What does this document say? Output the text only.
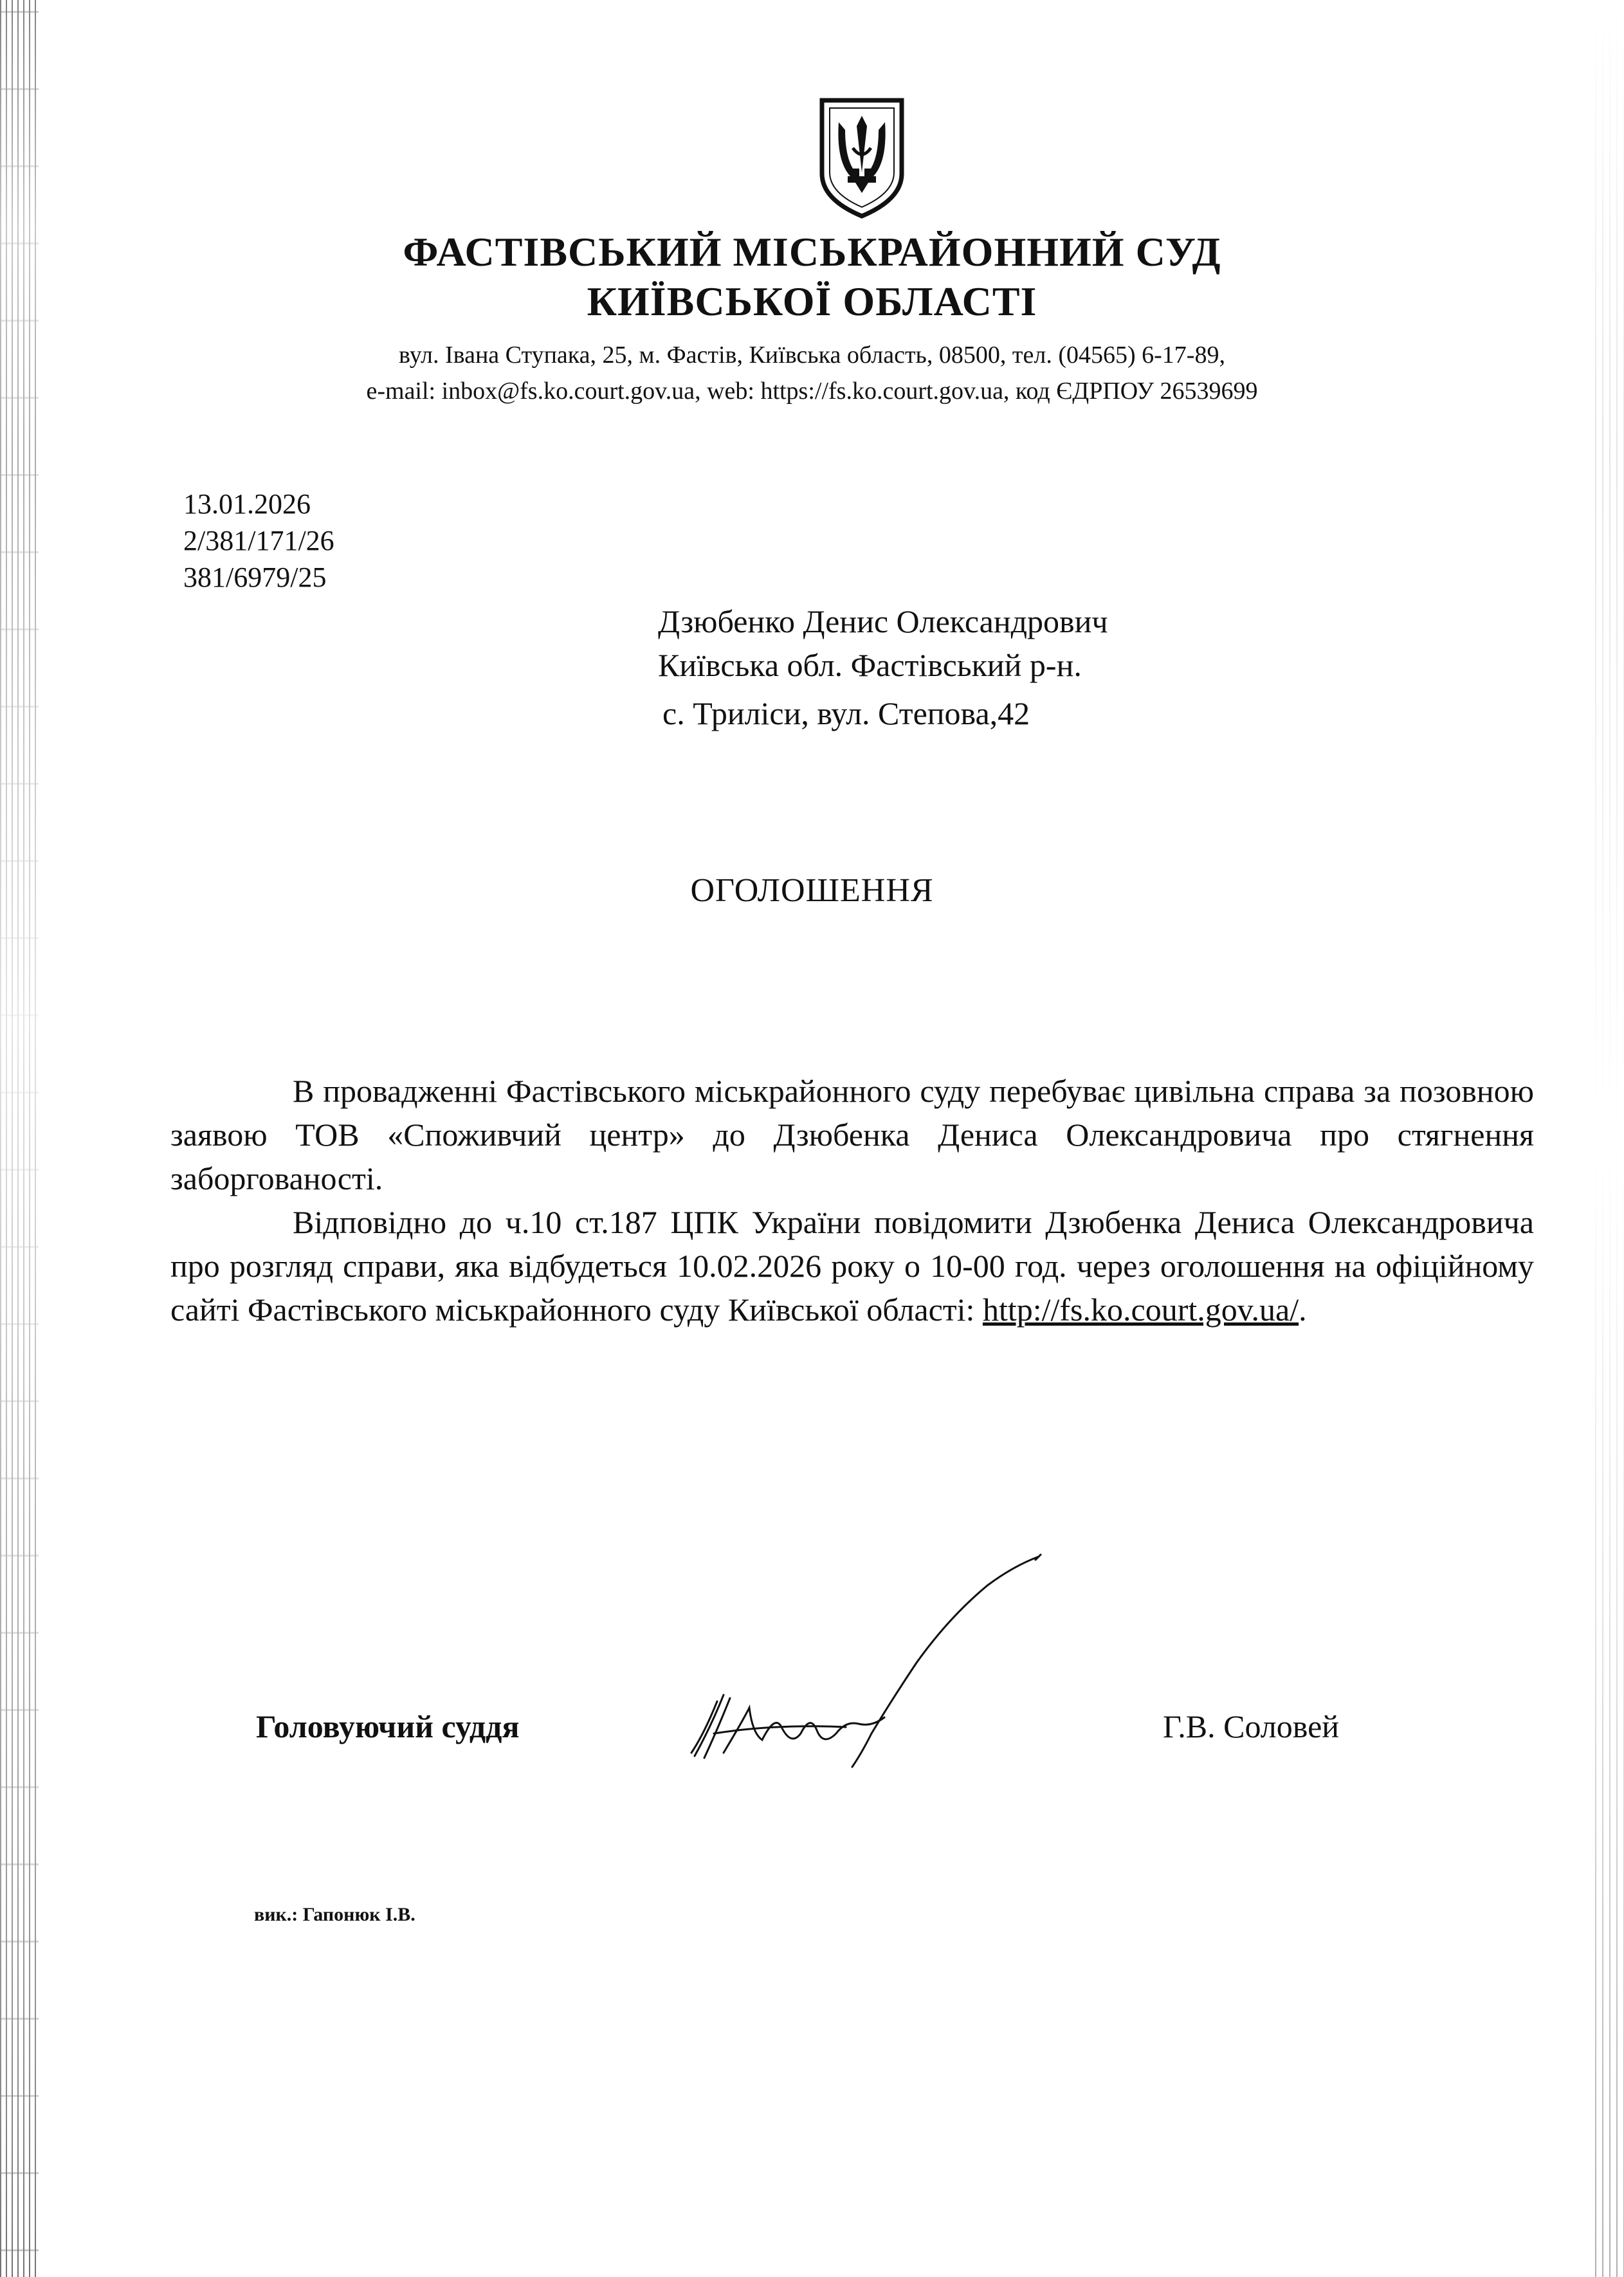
ФАСТІВСЬКИЙ МІСЬКРАЙОННИЙ СУД
КИЇВСЬКОЇ ОБЛАСТІ
вул. Івана Ступака, 25, м. Фастів, Київська область, 08500, тел. (04565) 6-17-89,
e-mail: inbox@fs.ko.court.gov.ua, web: https://fs.ko.court.gov.ua, код ЄДРПОУ 26539699
13.01.2026
2/381/171/26
381/6979/25
Дзюбенко Денис Олександрович
Київська обл. Фастівський р-н.
с. Триліси, вул. Степова,42
ОГОЛОШЕННЯ

В провадженні Фастівського міськрайонного суду перебуває цивільна справа за позовною заявою ТОВ «Споживчий центр» до Дзюбенка Дениса Олександровича про стягнення заборгованості.

Відповідно до ч.10 ст.187 ЦПК України повідомити Дзюбенка Дениса Олександровича про розгляд справи, яка відбудеться 10.02.2026 року о 10-00 год. через оголошення на офіційному сайті Фастівського міськрайонного суду Київської області: http://fs.ko.court.gov.ua/.

Головуючий суддя	Г.В. Соловей
вик.: Гапонюк І.В.
